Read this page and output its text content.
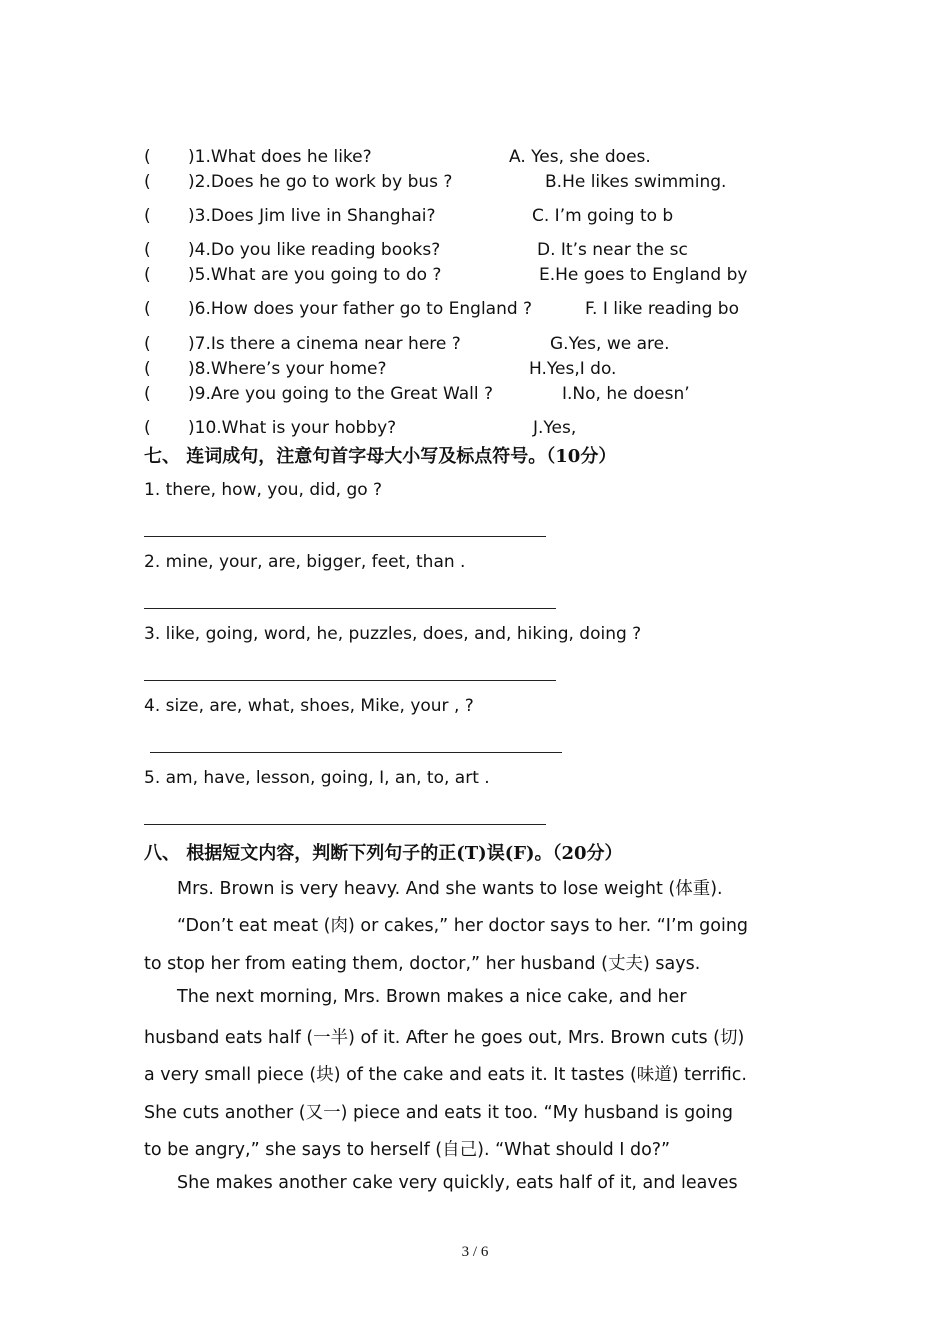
( )1.What does he like?	A. Yes, she does.
( )2.Does he go to work by bus ?	B.He likes swimming.
( )3.Does Jim live in Shanghai?	C. I’m going to b
( )4.Do you like reading books?	D. It’s near the sc
( )5.What are you going to do ?	E.He goes to England by
( )6.How does your father go to England ?	F. I like reading bo
( )7.Is there a cinema near here ?	G.Yes, we are.
( )8.Where’s your home?	H.Yes,I do.
( )9.Are you going to the Great Wall ?	I.No, he doesn’
( )10.What is your hobby?	J.Yes,
七、 连词成句，注意句首字母大小写及标点符号。（10分）
1. there, how, you, did, go ?
2. mine, your, are, bigger, feet, than .
3. like, going, word, he, puzzles, does, and, hiking, doing ?
4. size, are, what, shoes, Mike, your , ?
5. am, have, lesson, going, I, an, to, art .
八、 根据短文内容，判断下列句子的正(T)误(F)。（20分）
Mrs. Brown is very heavy. And she wants to lose weight (体重).
“Don’t eat meat (肉) or cakes,” her doctor says to her. “I’m going
to stop her from eating them, doctor,” her husband (丈夫) says.
The next morning, Mrs. Brown makes a nice cake, and her
husband eats half (一半) of it. After he goes out, Mrs. Brown cuts (切)
a very small piece (块) of the cake and eats it. It tastes (味道) terrific.
She cuts another (又一) piece and eats it too. “My husband is going
to be angry,” she says to herself (自己). “What should I do?”
She makes another cake very quickly, eats half of it, and leaves
3 / 6
